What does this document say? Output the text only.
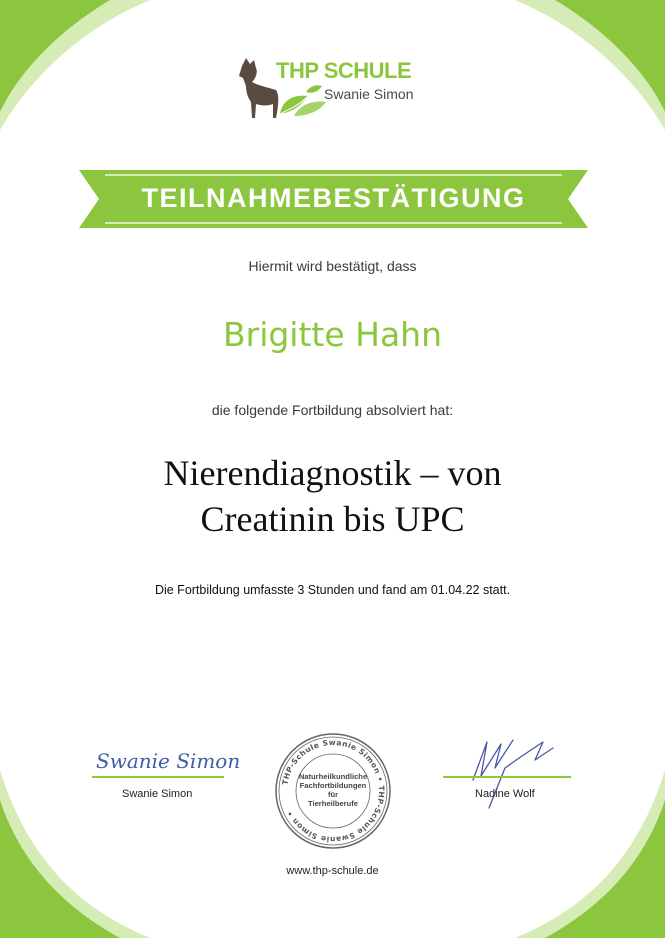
THP SCHULE
Swanie Simon
TEILNAHMEBESTÄTIGUNG
Hiermit wird bestätigt, dass
Brigitte Hahn
die folgende Fortbildung absolviert hat:
Nierendiagnostik – von
Creatinin bis UPC
Die Fortbildung umfasste 3 Stunden und fand am 01.04.22 statt.
Swanie Simon
Swanie Simon
THP-Schule Swanie Simon • THP-Schule Swanie Simon •
Naturheilkundliche
Fachfortbildungen für
Tierheilberufe
Nadine Wolf
www.thp-schule.de
